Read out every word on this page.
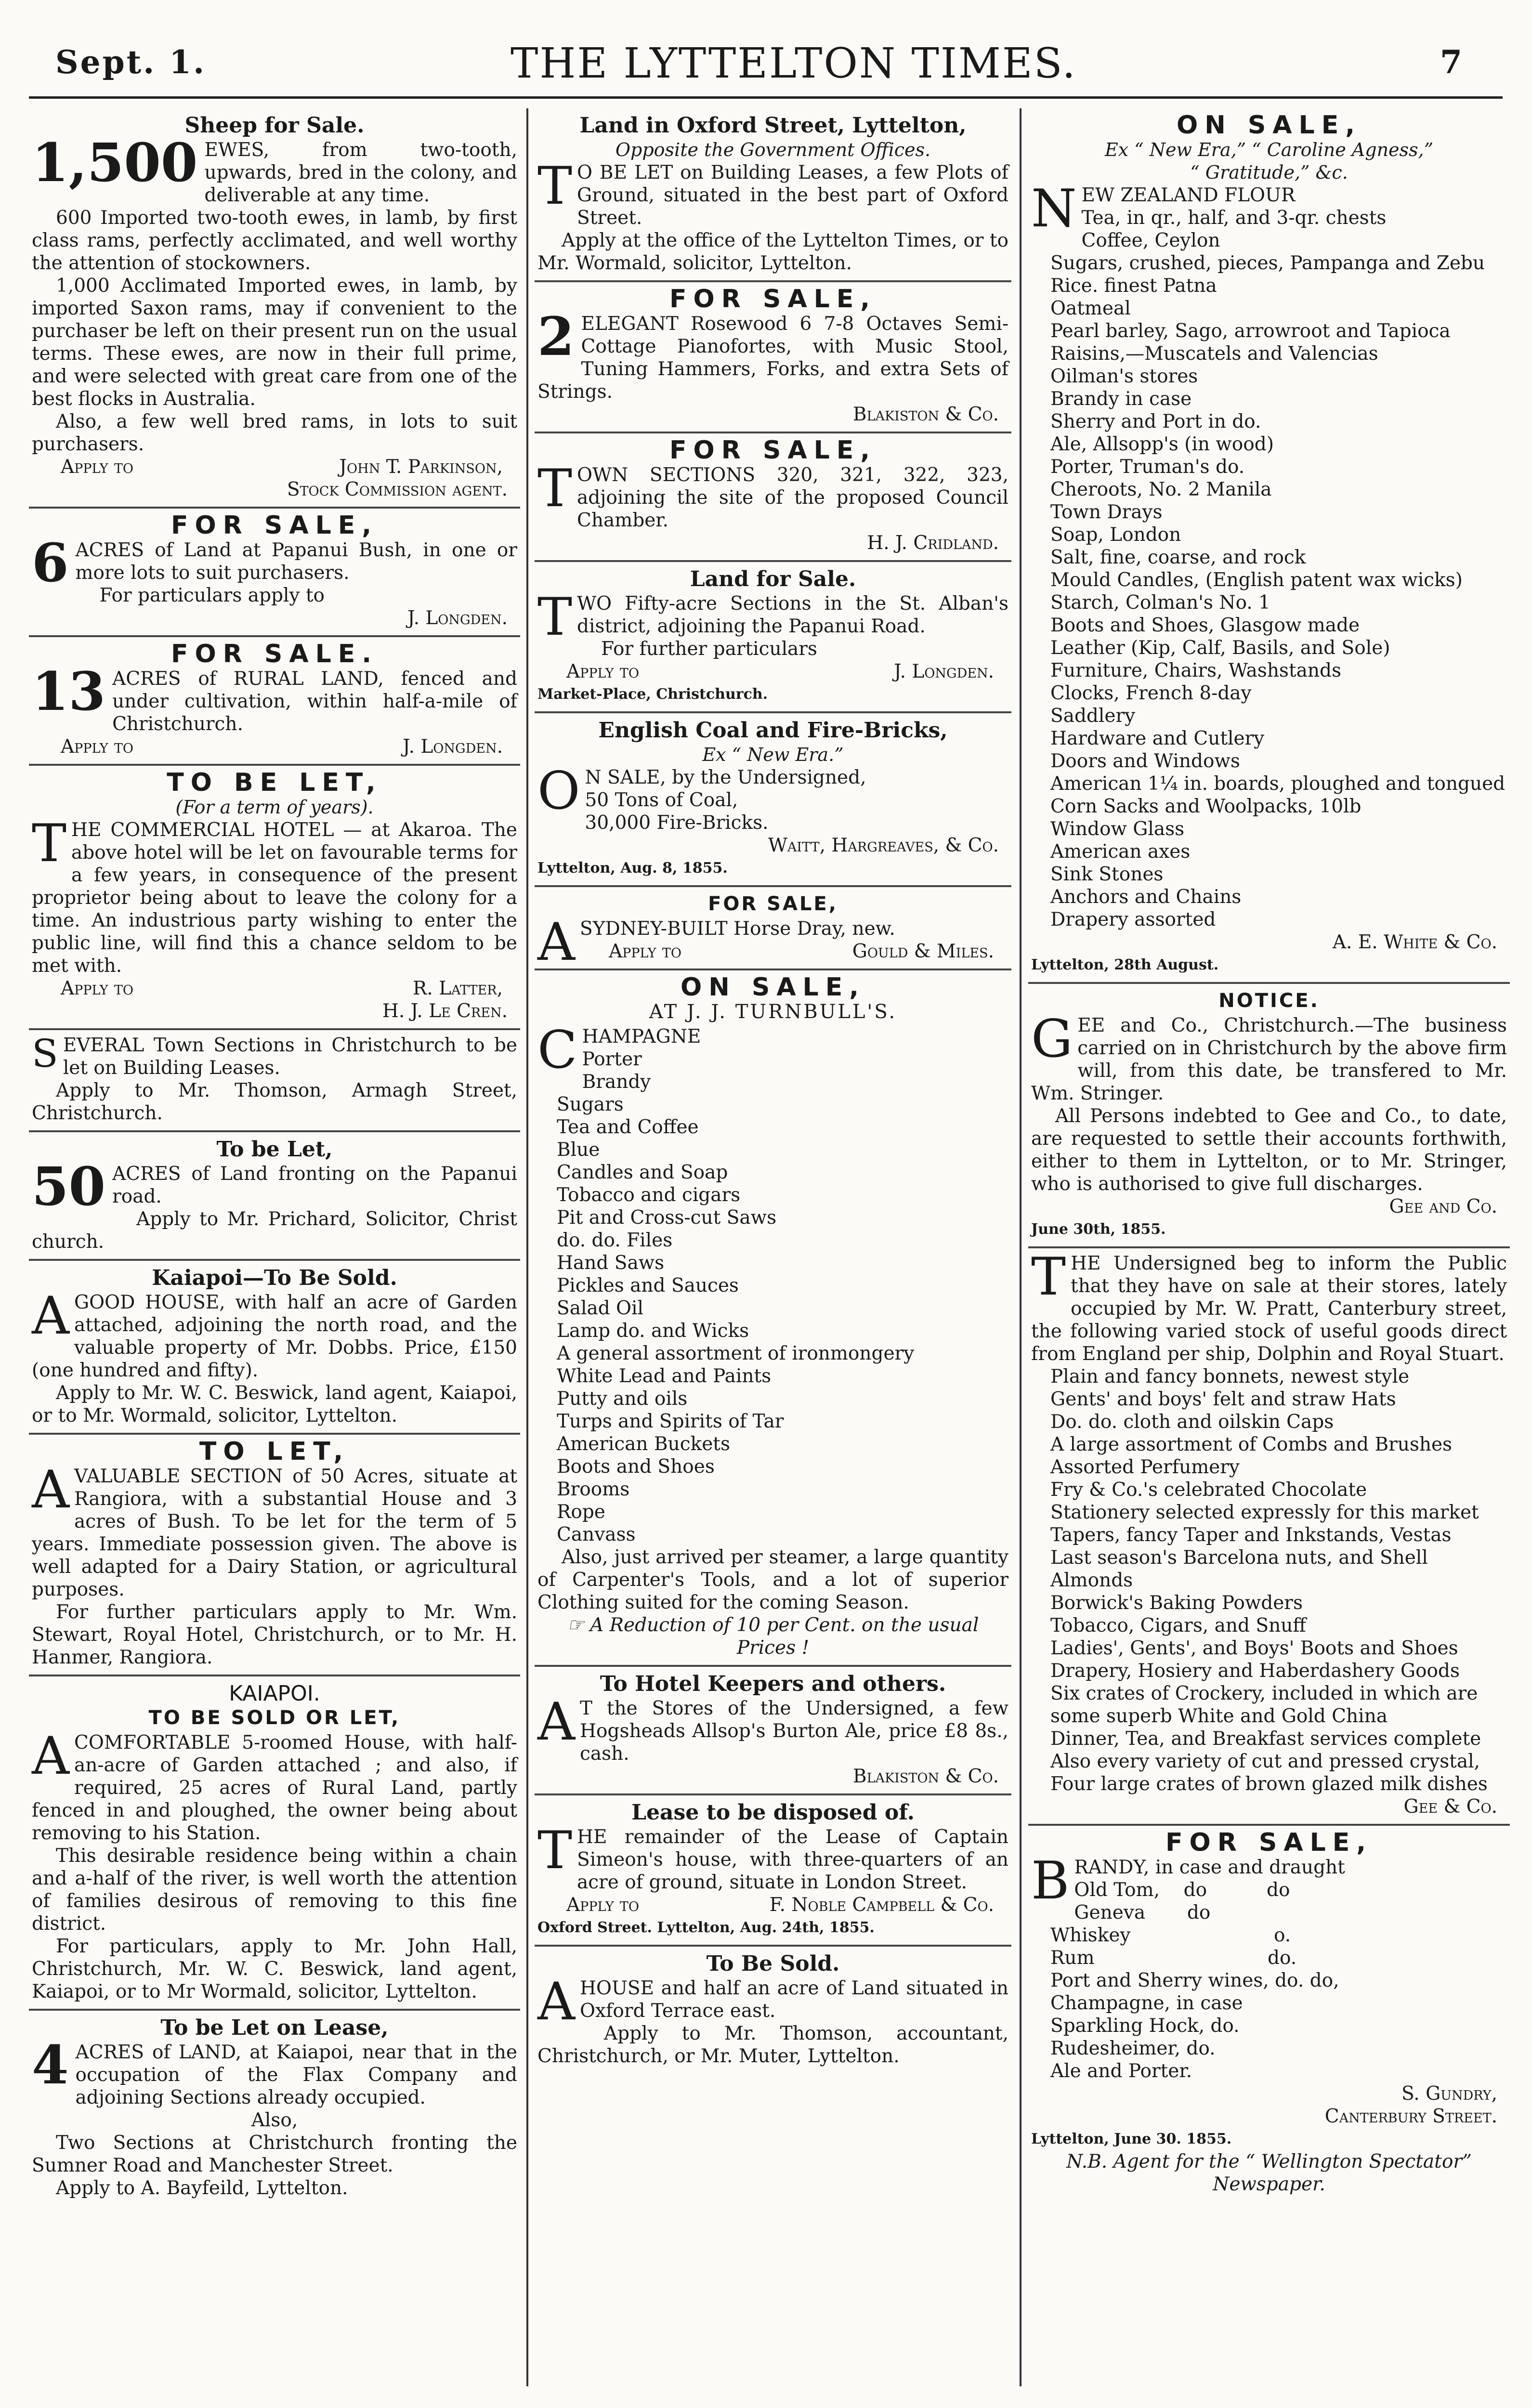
Sept. 1.	THE LYTTELTON TIMES.	7
Sheep for Sale.
1,500 EWES, from two-tooth, upwards, bred in the colony, and deliverable at any time.

600 Imported two-tooth ewes, in lamb, by first class rams, perfectly acclimated, and well worthy the attention of stockowners.

1,000 Acclimated Imported ewes, in lamb, by imported Saxon rams, may if convenient to the purchaser be left on their present run on the usual terms. These ewes, are now in their full prime, and were selected with great care from one of the best flocks in Australia.

Also, a few well bred rams, in lots to suit purchasers.

Apply to	John T. Parkinson,
Stock Commission agent.
FOR SALE,
6 ACRES of Land at Papanui Bush, in one or more lots to suit purchasers.

For particulars apply to

J. Longden.
FOR SALE.
13 ACRES of RURAL LAND, fenced and under cultivation, within half-a-mile of Christchurch.

Apply to	J. Longden.
TO BE LET,
(For a term of years).
T HE COMMERCIAL HOTEL — at Akaroa. The above hotel will be let on favourable terms for a few years, in consequence of the present proprietor being about to leave the colony for a time. An industrious party wishing to enter the public line, will find this a chance seldom to be met with.

Apply to	R. Latter,
H. J. Le Cren.
S EVERAL Town Sections in Christchurch to be let on Building Leases.

Apply to Mr. Thomson, Armagh Street, Christchurch.

To be Let,
50 ACRES of Land fronting on the Papanui road.

Apply to Mr. Prichard, Solicitor, Christ church.

Kaiapoi—To Be Sold.
A GOOD HOUSE, with half an acre of Garden attached, adjoining the north road, and the valuable property of Mr. Dobbs. Price, £150 (one hundred and fifty).

Apply to Mr. W. C. Beswick, land agent, Kaiapoi, or to Mr. Wormald, solicitor, Lyttelton.

TO LET,
A VALUABLE SECTION of 50 Acres, situate at Rangiora, with a substantial House and 3 acres of Bush. To be let for the term of 5 years. Immediate possession given. The above is well adapted for a Dairy Station, or agricultural purposes.

For further particulars apply to Mr. Wm. Stewart, Royal Hotel, Christchurch, or to Mr. H. Hanmer, Rangiora.

KAIAPOI.
TO BE SOLD OR LET,
A COMFORTABLE 5-roomed House, with half-an-acre of Garden attached ; and also, if required, 25 acres of Rural Land, partly fenced in and ploughed, the owner being about removing to his Station.

This desirable residence being within a chain and a-half of the river, is well worth the attention of families desirous of removing to this fine district.

For particulars, apply to Mr. John Hall, Christchurch, Mr. W. C. Beswick, land agent, Kaiapoi, or to Mr Wormald, solicitor, Lyttelton.

To be Let on Lease,
4 ACRES of LAND, at Kaiapoi, near that in the occupation of the Flax Company and adjoining Sections already occupied.

Also,

Two Sections at Christchurch fronting the Sumner Road and Manchester Street.

Apply to A. Bayfeild, Lyttelton.

Land in Oxford Street, Lyttelton,
Opposite the Government Offices.
T O BE LET on Building Leases, a few Plots of Ground, situated in the best part of Oxford Street.

Apply at the office of the Lyttelton Times, or to Mr. Wormald, solicitor, Lyttelton.

FOR SALE,
2 ELEGANT Rosewood 6 7-8 Octaves Semi-Cottage Pianofortes, with Music Stool, Tuning Hammers, Forks, and extra Sets of Strings.

Blakiston & Co.
FOR SALE,
T OWN SECTIONS 320, 321, 322, 323, adjoining the site of the proposed Council Chamber.

H. J. Cridland.
Land for Sale.
T WO Fifty-acre Sections in the St. Alban's district, adjoining the Papanui Road.

For further particulars

Apply to	J. Longden.
Market-Place, Christchurch.
English Coal and Fire-Bricks,
Ex “ New Era.”
O N SALE, by the Undersigned,

50 Tons of Coal,
30,000 Fire-Bricks.
Waitt, Hargreaves, & Co.
Lyttelton, Aug. 8, 1855.
FOR SALE,
A SYDNEY-BUILT Horse Dray, new.

Apply to	Gould & Miles.
ON SALE,
AT J. J. TURNBULL'S.
C HAMPAGNE

Porter
Brandy
Sugars
Tea and Coffee
Blue
Candles and Soap
Tobacco and cigars
Pit and Cross-cut Saws
do. do. Files
Hand Saws
Pickles and Sauces
Salad Oil
Lamp do. and Wicks
A general assortment of ironmongery
White Lead and Paints
Putty and oils
Turps and Spirits of Tar
American Buckets
Boots and Shoes
Brooms
Rope
Canvass

Also, just arrived per steamer, a large quantity of Carpenter's Tools, and a lot of superior Clothing suited for the coming Season.

☞ A Reduction of 10 per Cent. on the usual Prices !
To Hotel Keepers and others.
A T the Stores of the Undersigned, a few Hogsheads Allsop's Burton Ale, price £8 8s., cash.

Blakiston & Co.
Lease to be disposed of.
T HE remainder of the Lease of Captain Simeon's house, with three-quarters of an acre of ground, situate in London Street.

Apply to	F. Noble Campbell & Co.
Oxford Street. Lyttelton, Aug. 24th, 1855.
To Be Sold.
A HOUSE and half an acre of Land situated in Oxford Terrace east.

Apply to Mr. Thomson, accountant, Christchurch, or Mr. Muter, Lyttelton.

ON SALE,
Ex “ New Era,” “ Caroline Agness,”
“ Gratitude,” &c.
N EW ZEALAND FLOUR

Tea, in qr., half, and 3-qr. chests
Coffee, Ceylon
Sugars, crushed, pieces, Pampanga and Zebu
Rice. finest Patna
Oatmeal
Pearl barley, Sago, arrowroot and Tapioca
Raisins,—Muscatels and Valencias
Oilman's stores
Brandy in case
Sherry and Port in do.
Ale, Allsopp's (in wood)
Porter, Truman's do.
Cheroots, No. 2 Manila
Town Drays
Soap, London
Salt, fine, coarse, and rock
Mould Candles, (English patent wax wicks)
Starch, Colman's No. 1
Boots and Shoes, Glasgow made
Leather (Kip, Calf, Basils, and Sole)
Furniture, Chairs, Washstands
Clocks, French 8-day
Saddlery
Hardware and Cutlery
Doors and Windows
American 1¼ in. boards, ploughed and tongued
Corn Sacks and Woolpacks, 10lb
Window Glass
American axes
Sink Stones
Anchors and Chains
Drapery assorted
A. E. White & Co.
Lyttelton, 28th August.
NOTICE.
G EE and Co., Christchurch.—The business carried on in Christchurch by the above firm will, from this date, be transfered to Mr. Wm. Stringer.

All Persons indebted to Gee and Co., to date, are requested to settle their accounts forthwith, either to them in Lyttelton, or to Mr. Stringer, who is authorised to give full discharges.

Gee and Co.
June 30th, 1855.
T HE Undersigned beg to inform the Public that they have on sale at their stores, lately occupied by Mr. W. Pratt, Canterbury street, the following varied stock of useful goods direct from England per ship, Dolphin and Royal Stuart.

Plain and fancy bonnets, newest style
Gents' and boys' felt and straw Hats
Do. do. cloth and oilskin Caps
A large assortment of Combs and Brushes
Assorted Perfumery
Fry & Co.'s celebrated Chocolate
Stationery selected expressly for this market
Tapers, fancy Taper and Inkstands, Vestas
Last season's Barcelona nuts, and Shell Almonds
Borwick's Baking Powders
Tobacco, Cigars, and Snuff
Ladies', Gents', and Boys' Boots and Shoes
Drapery, Hosiery and Haberdashery Goods
Six crates of Crockery, included in which are some superb White and Gold China
Dinner, Tea, and Breakfast services complete
Also every variety of cut and pressed crystal,
Four large crates of brown glazed milk dishes
Gee & Co.
FOR SALE,
B RANDY, in case and draught

Old Tom,    do          do
Geneva       do
Whiskey                        o.
Rum                             do.
Port and Sherry wines, do. do,
Champagne, in case
Sparkling Hock, do.
Rudesheimer, do.
Ale and Porter.
S. Gundry,
Canterbury Street.
Lyttelton, June 30. 1855.
N.B. Agent for the “ Wellington Spectator” Newspaper.
